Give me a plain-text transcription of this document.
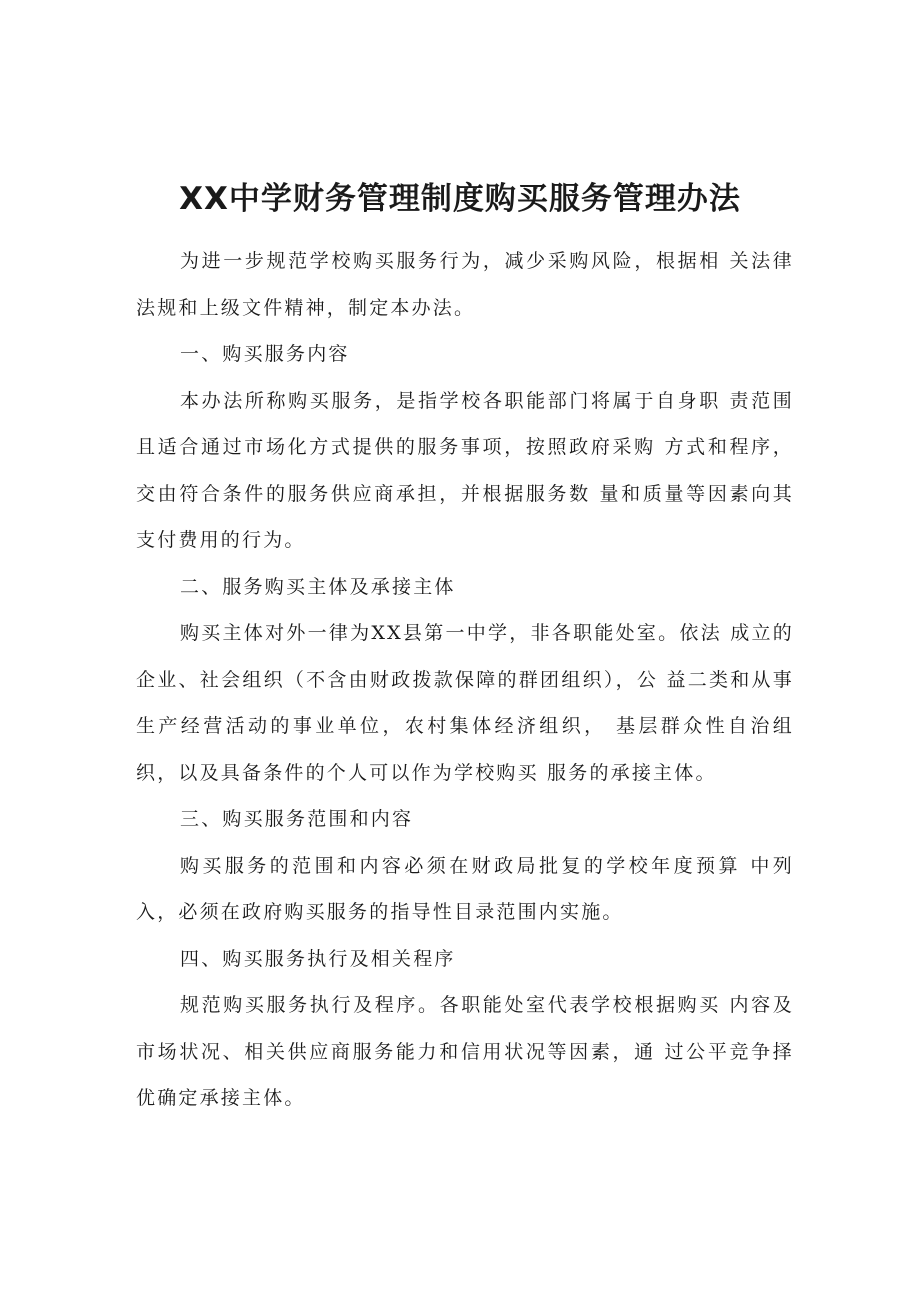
XX中学财务管理制度购买服务管理办法

为进一步规范学校购买服务行为，减少采购风险，根据相 关法律法规和上级文件精神，制定本办法。

一、购买服务内容

本办法所称购买服务，是指学校各职能部门将属于自身职 责范围且适合通过市场化方式提供的服务事项，按照政府采购 方式和程序，交由符合条件的服务供应商承担，并根据服务数 量和质量等因素向其支付费用的行为。

二、服务购买主体及承接主体

购买主体对外一律为XX县第一中学，非各职能处室。依法 成立的企业、社会组织（不含由财政拨款保障的群团组织），公 益二类和从事生产经营活动的事业单位，农村集体经济组织， 基层群众性自治组织，以及具备条件的个人可以作为学校购买 服务的承接主体。

三、购买服务范围和内容

购买服务的范围和内容必须在财政局批复的学校年度预算 中列入，必须在政府购买服务的指导性目录范围内实施。

四、购买服务执行及相关程序

规范购买服务执行及程序。各职能处室代表学校根据购买 内容及市场状况、相关供应商服务能力和信用状况等因素，通 过公平竞争择优确定承接主体。
